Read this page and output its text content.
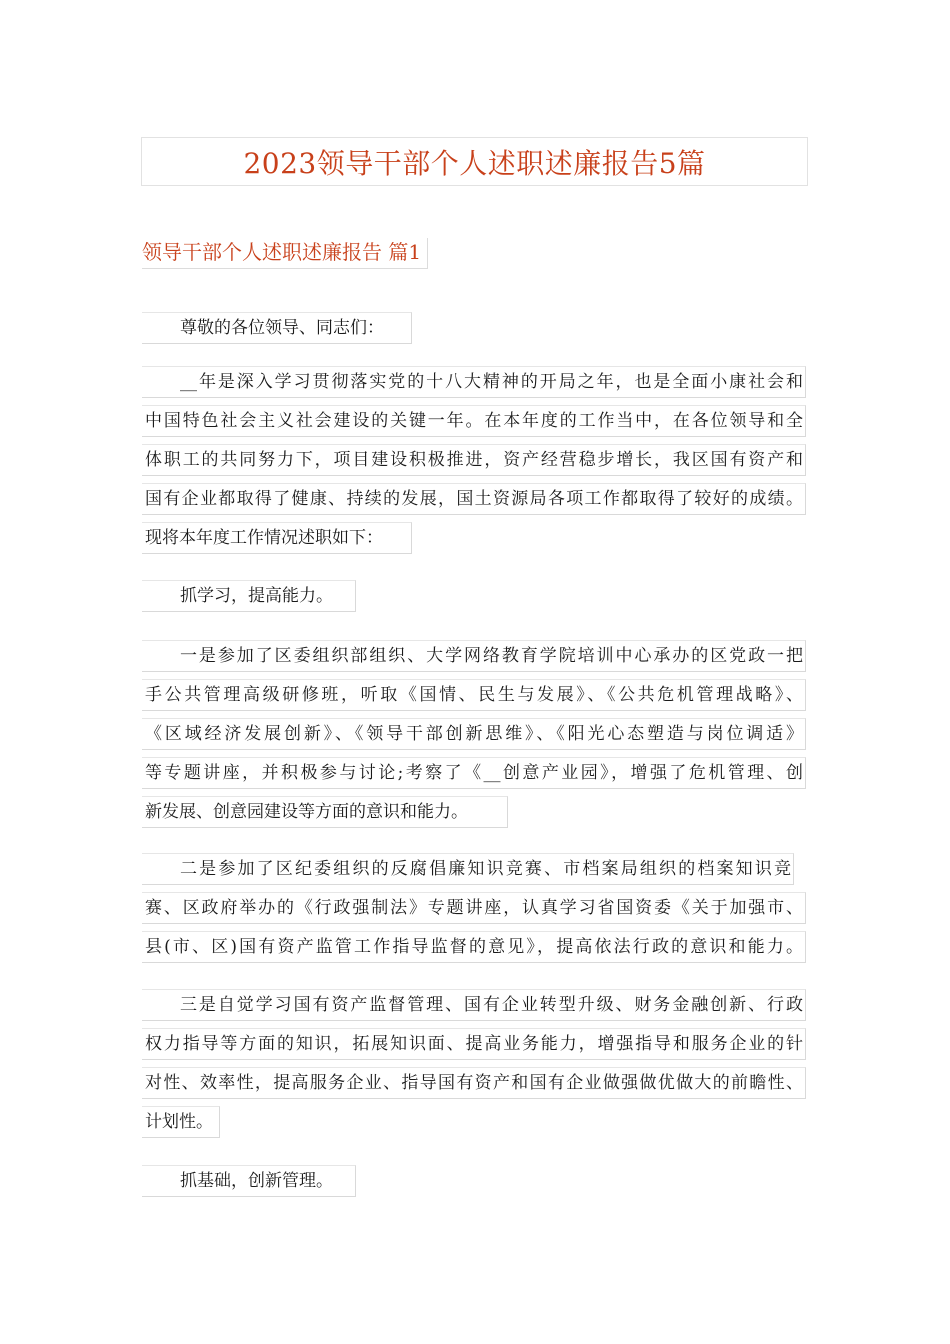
2023领导干部个人述职述廉报告5篇
领导干部个人述职述廉报告 篇1
尊敬的各位领导、同志们：
__年是深入学习贯彻落实党的十八大精神的开局之年，也是全面小康社会和
中国特色社会主义社会建设的关键一年。在本年度的工作当中，在各位领导和全
体职工的共同努力下，项目建设积极推进，资产经营稳步增长，我区国有资产和
国有企业都取得了健康、持续的发展，国土资源局各项工作都取得了较好的成绩。
现将本年度工作情况述职如下：
抓学习，提高能力。
一是参加了区委组织部组织、大学网络教育学院培训中心承办的区党政一把
手公共管理高级研修班，听取《国情、民生与发展》、《公共危机管理战略》、
《区域经济发展创新》、《领导干部创新思维》、《阳光心态塑造与岗位调适》
等专题讲座，并积极参与讨论;考察了《__创意产业园》，增强了危机管理、创
新发展、创意园建设等方面的意识和能力。
二是参加了区纪委组织的反腐倡廉知识竞赛、市档案局组织的档案知识竞
赛、区政府举办的《行政强制法》专题讲座，认真学习省国资委《关于加强市、
县(市、区)国有资产监管工作指导监督的意见》，提高依法行政的意识和能力。
三是自觉学习国有资产监督管理、国有企业转型升级、财务金融创新、行政
权力指导等方面的知识，拓展知识面、提高业务能力，增强指导和服务企业的针
对性、效率性，提高服务企业、指导国有资产和国有企业做强做优做大的前瞻性、
计划性。
抓基础，创新管理。
